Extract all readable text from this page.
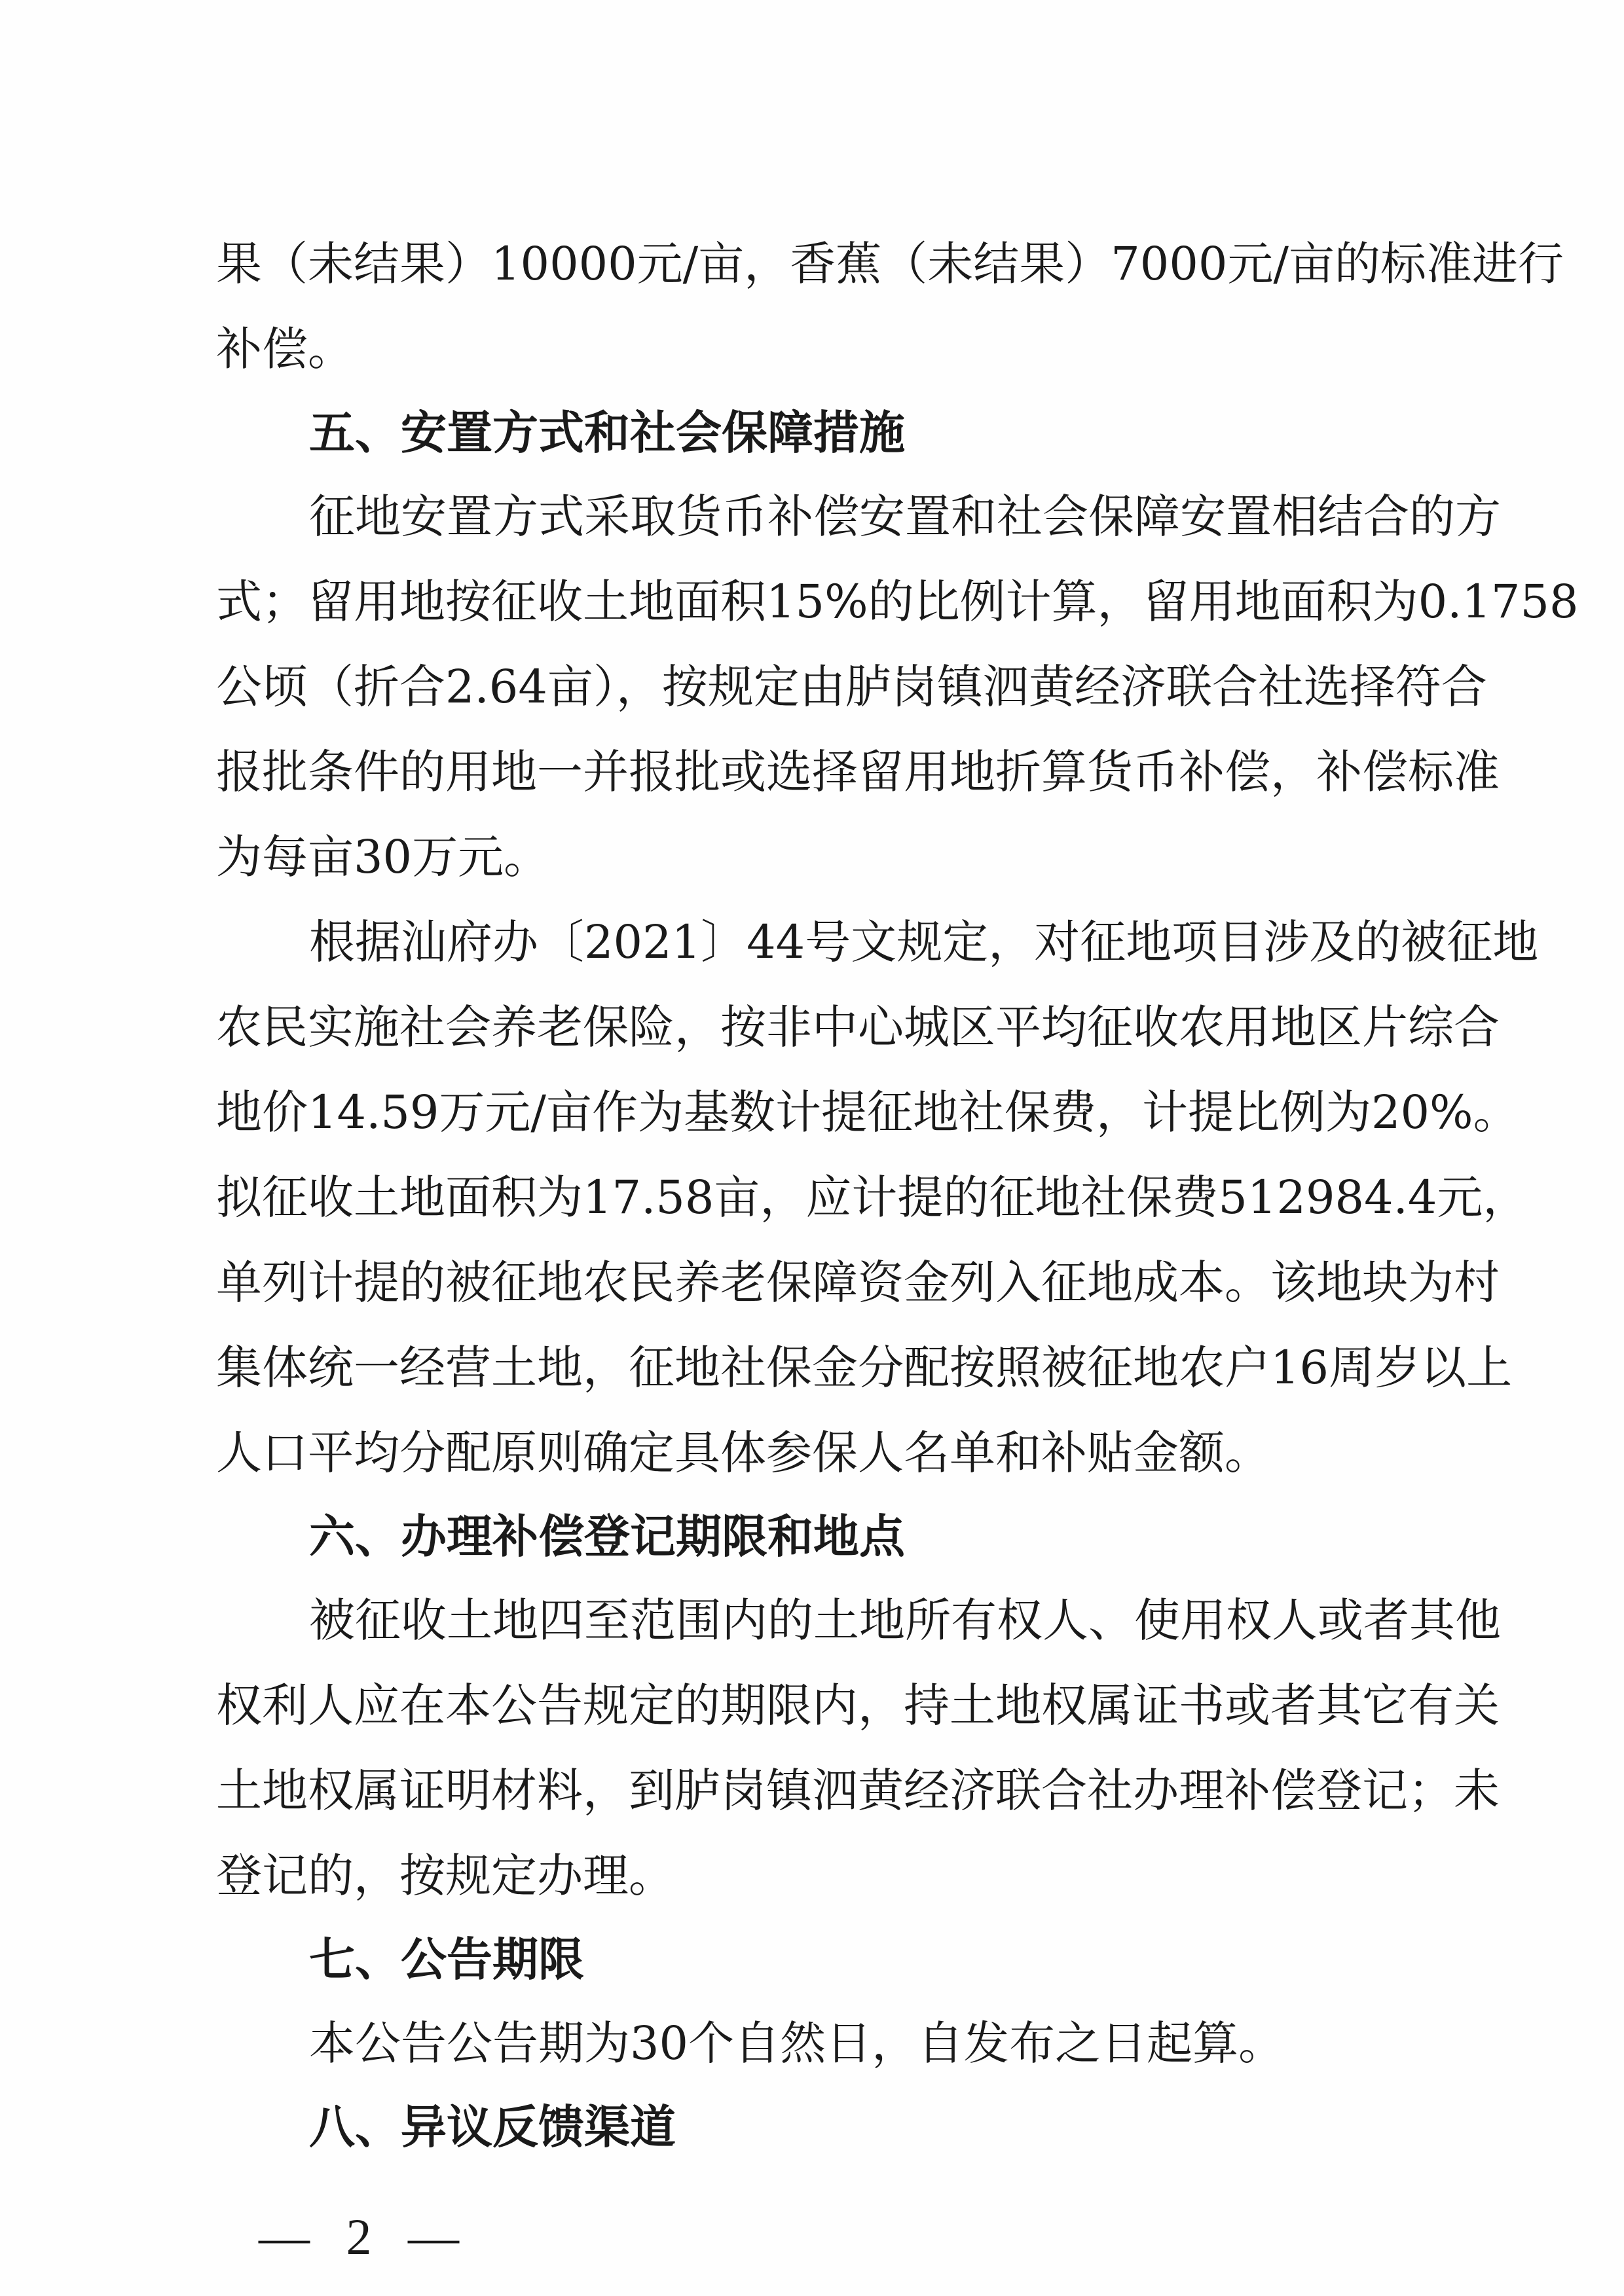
果（未结果）10000元/亩，香蕉（未结果）7000元/亩的标准进行
补偿。
五、安置方式和社会保障措施
征地安置方式采取货币补偿安置和社会保障安置相结合的方
式；留用地按征收土地面积15%的比例计算，留用地面积为0.1758
公顷（折合2.64亩），按规定由胪岗镇泗黄经济联合社选择符合
报批条件的用地一并报批或选择留用地折算货币补偿，补偿标准
为每亩30万元。
根据汕府办〔2021〕44号文规定，对征地项目涉及的被征地
农民实施社会养老保险，按非中心城区平均征收农用地区片综合
地价14.59万元/亩作为基数计提征地社保费，计提比例为20%。
拟征收土地面积为17.58亩，应计提的征地社保费512984.4元，
单列计提的被征地农民养老保障资金列入征地成本。该地块为村
集体统一经营土地，征地社保金分配按照被征地农户16周岁以上
人口平均分配原则确定具体参保人名单和补贴金额。
六、办理补偿登记期限和地点
被征收土地四至范围内的土地所有权人、使用权人或者其他
权利人应在本公告规定的期限内，持土地权属证书或者其它有关
土地权属证明材料，到胪岗镇泗黄经济联合社办理补偿登记；未
登记的，按规定办理。
七、公告期限
— 2 —
本公告公告期为30个自然日，自发布之日起算。
八、异议反馈渠道
